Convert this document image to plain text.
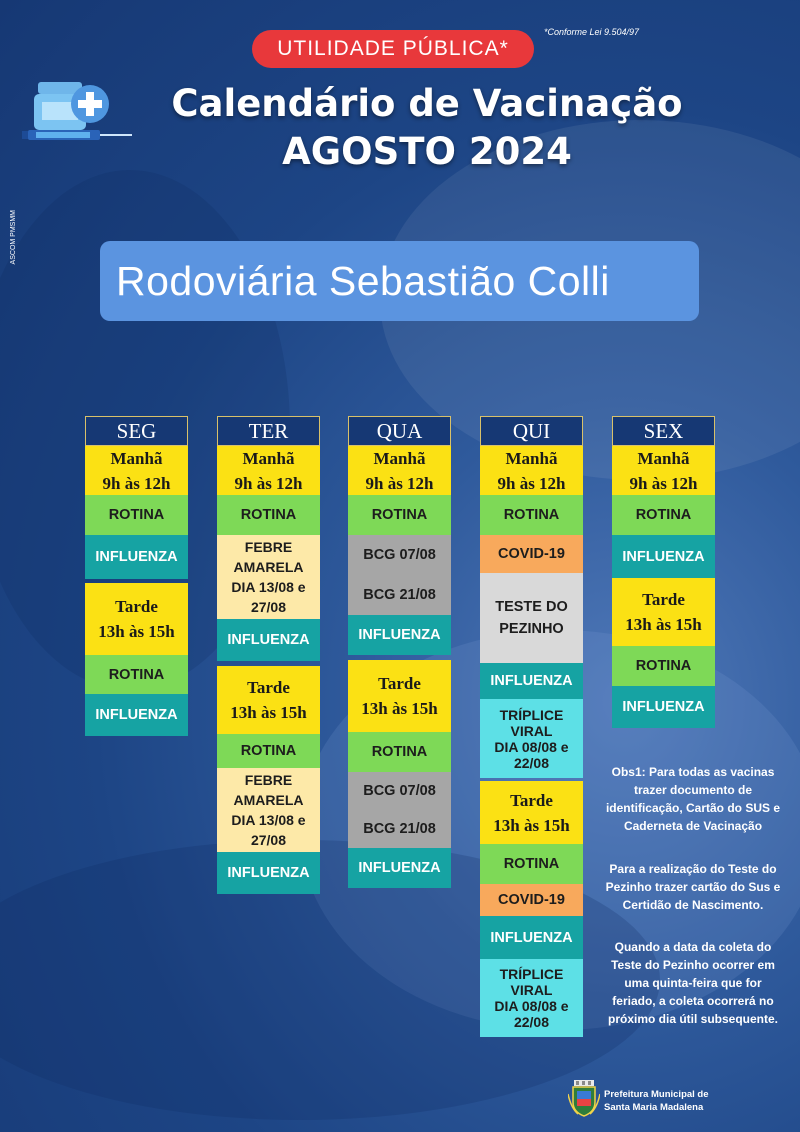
UTILIDADE PÚBLICA*
*Conforme Lei 9.504/97
Calendário de Vacinação
AGOSTO 2024
ASCOM PMSMM
Rodoviária Sebastião Colli
SEG
Manhã
9h às 12h
ROTINA
INFLUENZA
Tarde
13h às 15h
ROTINA
INFLUENZA
TER
Manhã
9h às 12h
ROTINA
FEBRE
AMARELA
DIA 13/08 e
27/08
INFLUENZA
Tarde
13h às 15h
ROTINA
FEBRE
AMARELA
DIA 13/08 e
27/08
INFLUENZA
QUA
Manhã
9h às 12h
ROTINA
BCG 07/08
BCG 21/08
INFLUENZA
Tarde
13h às 15h
ROTINA
BCG 07/08
BCG 21/08
INFLUENZA
QUI
Manhã
9h às 12h
ROTINA
COVID-19
TESTE DO
PEZINHO
INFLUENZA
TRÍPLICE
VIRAL
DIA 08/08 e
22/08
Tarde
13h às 15h
ROTINA
COVID-19
INFLUENZA
TRÍPLICE
VIRAL
DIA 08/08 e
22/08
SEX
Manhã
9h às 12h
ROTINA
INFLUENZA
Tarde
13h às 15h
ROTINA
INFLUENZA
Obs1: Para todas as vacinas trazer documento de identificação, Cartão do SUS e Caderneta de Vacinação
Para a realização do Teste do Pezinho trazer cartão do Sus e Certidão de Nascimento.
Quando a data da coleta do Teste do Pezinho ocorrer em uma quinta-feira que for feriado, a coleta ocorrerá no próximo dia útil subsequente.
Prefeitura Municipal de
Santa Maria Madalena
